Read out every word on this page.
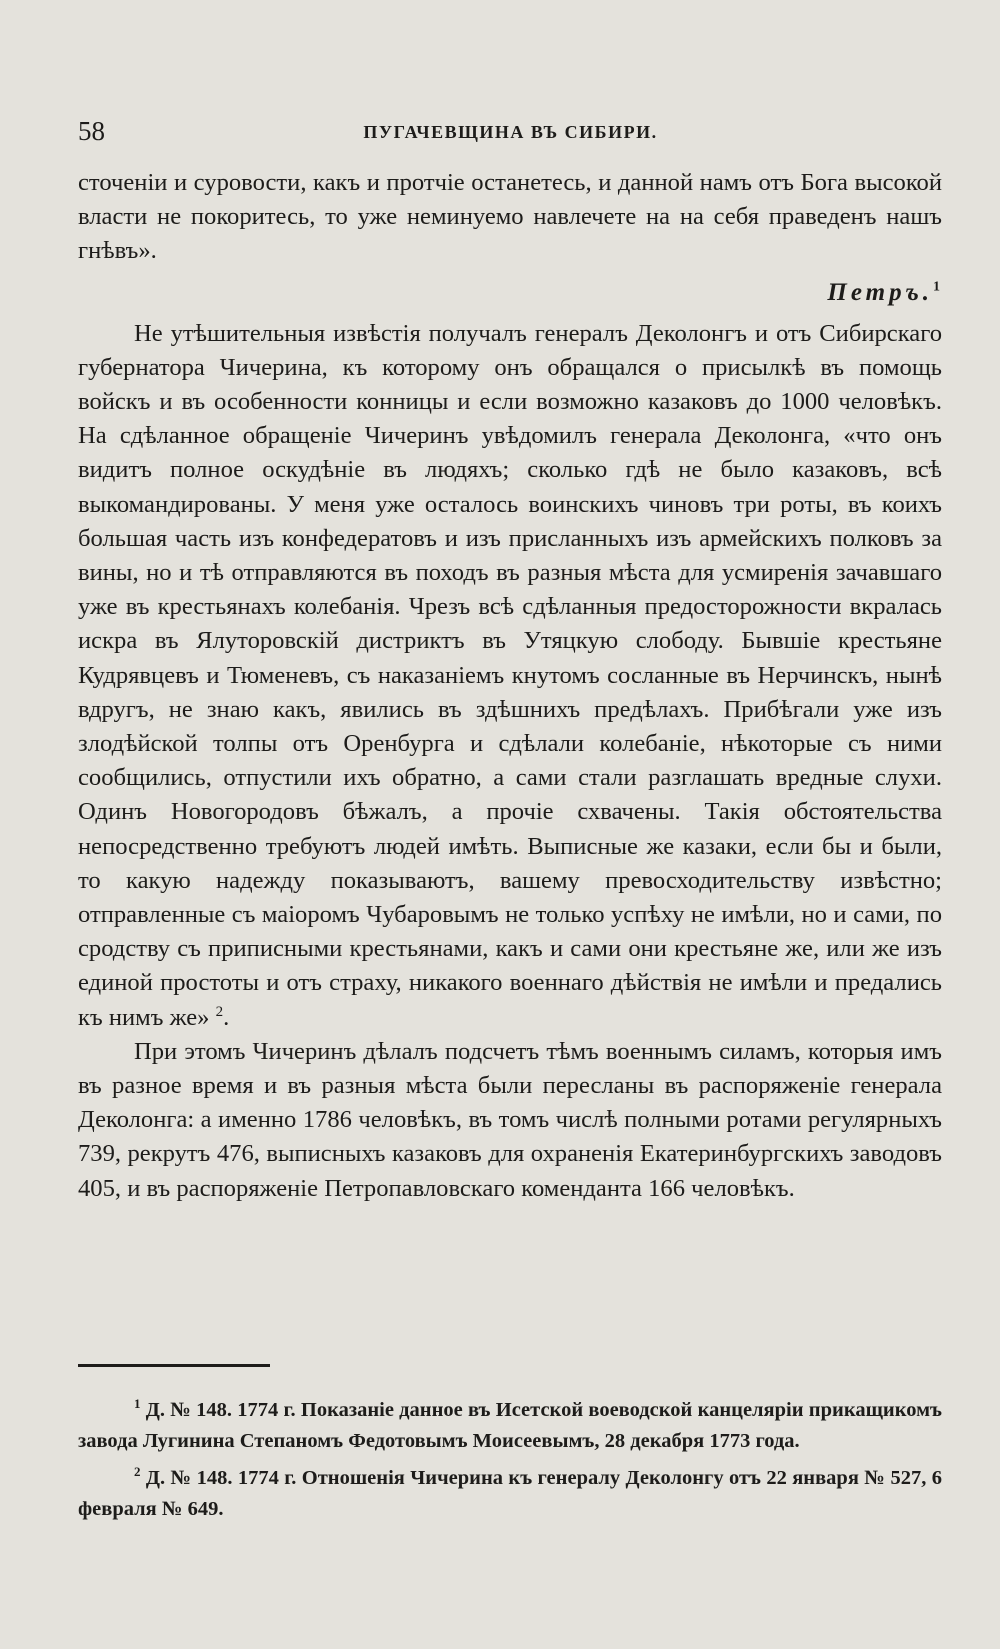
58	ПУГАЧЕВЩИНА ВЪ СИБИРИ.

сточеніи и суровости, какъ и протчіе останетесь, и данной намъ отъ Бога высокой власти не покоритесь, то уже неминуемо навлечете на на себя праведенъ нашъ гнѣвъ».

Петръ.$^1$

Не утѣшительныя извѣстія получалъ генералъ Деколонгъ и отъ Сибирскаго губернатора Чичерина, къ которому онъ обращался о присылкѣ въ помощь войскъ и въ особенности конницы и если возможно казаковъ до 1000 человѣкъ. На сдѣланное обращеніе Чичеринъ увѣдомилъ генерала Деколонга, «что онъ видитъ полное оскудѣніе въ людяхъ; сколько гдѣ не было казаковъ, всѣ выкомандированы. У меня уже осталось воинскихъ чиновъ три роты, въ коихъ большая часть изъ конфедератовъ и изъ присланныхъ изъ армейскихъ полковъ за вины, но и тѣ отправляются въ походъ въ разныя мѣста для усмиренія зачавшаго уже въ крестьянахъ колебанія. Чрезъ всѣ сдѣланныя предосторожности вкралась искра въ Ялуторовскій дистриктъ въ Утяцкую слободу. Бывшіе крестьяне Кудрявцевъ и Тюменевъ, съ наказаніемъ кнутомъ сосланные въ Нерчинскъ, нынѣ вдругъ, не знаю какъ, явились въ здѣшнихъ предѣлахъ. Прибѣгали уже изъ злодѣйской толпы отъ Оренбурга и сдѣлали колебаніе, нѣкоторые съ ними сообщились, отпустили ихъ обратно, а сами стали разглашать вредные слухи. Одинъ Новогородовъ бѣжалъ, а прочіе схвачены. Такія обстоятельства непосредственно требуютъ людей имѣть. Выписные же казаки, если бы и были, то какую надежду показываютъ, вашему превосходительству извѣстно; отправленные съ маіоромъ Чубаровымъ не только успѣху не имѣли, но и сами, по сродству съ приписными крестьянами, какъ и сами они крестьяне же, или же изъ единой простоты и отъ страху, никакого военнаго дѣйствія не имѣли и предались къ нимъ же» $^2$.

При этомъ Чичеринъ дѣлалъ подсчетъ тѣмъ военнымъ силамъ, которыя имъ въ разное время и въ разныя мѣста были пересланы въ распоряженіе генерала Деколонга: а именно 1786 человѣкъ, въ томъ числѣ полными ротами регулярныхъ 739, рекрутъ 476, выписныхъ казаковъ для охраненія Екатеринбургскихъ заводовъ 405, и въ распоряженіе Петропавловскаго коменданта 166 человѣкъ.

$^1$ Д. № 148. 1774 г. Показаніе данное въ Исетской воеводской канцеляріи прикащикомъ завода Лугинина Степаномъ Федотовымъ Моисеевымъ, 28 декабря 1773 года.

$^2$ Д. № 148. 1774 г. Отношенія Чичерина къ генералу Деколонгу отъ 22 января № 527, 6 февраля № 649.
